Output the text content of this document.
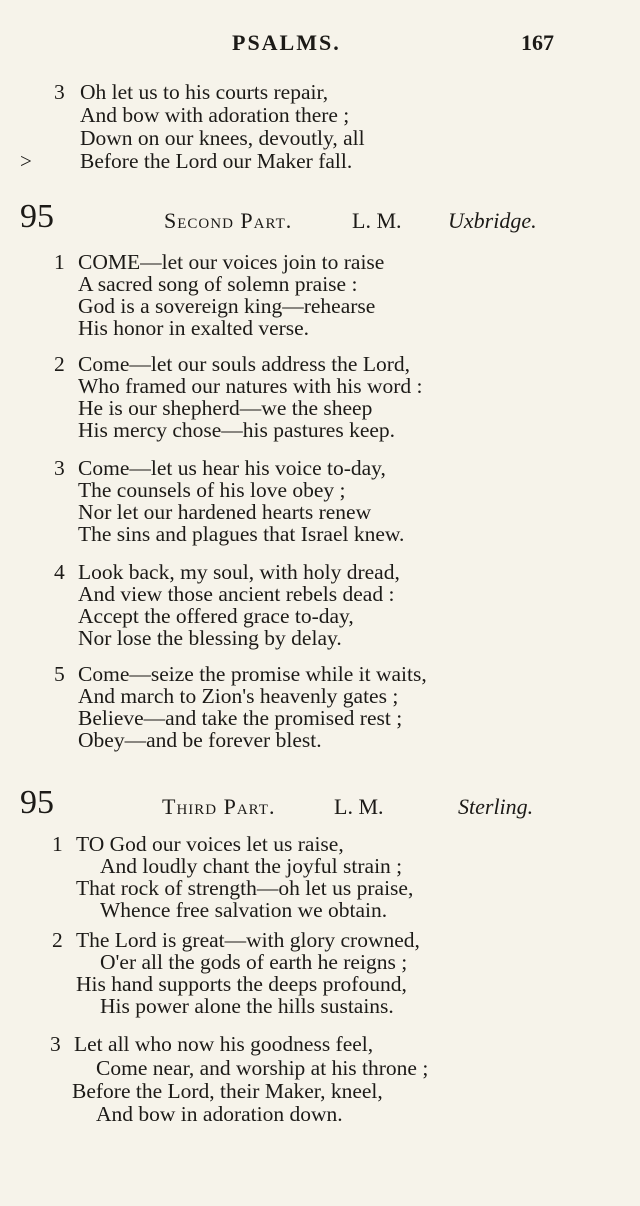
PSALMS.	167
3 Oh let us to his courts repair,
And bow with adoration there ;
Down on our knees, devoutly, all
> Before the Lord our Maker fall.
95	Second Part.	L. M. Uxbridge.
1 COME—let our voices join to raise
A sacred song of solemn praise :
God is a sovereign king—rehearse
His honor in exalted verse.
2 Come—let our souls address the Lord,
Who framed our natures with his word :
He is our shepherd—we the sheep
His mercy chose—his pastures keep.
3 Come—let us hear his voice to-day,
The counsels of his love obey ;
Nor let our hardened hearts renew
The sins and plagues that Israel knew.
4 Look back, my soul, with holy dread,
And view those ancient rebels dead :
Accept the offered grace to-day,
Nor lose the blessing by delay.
5 Come—seize the promise while it waits,
And march to Zion's heavenly gates ;
Believe—and take the promised rest ;
Obey—and be forever blest.
95	Third Part.	L. M.	Sterling.
1 TO God our voices let us raise,
And loudly chant the joyful strain ;
That rock of strength—oh let us praise,
Whence free salvation we obtain.
2 The Lord is great—with glory crowned,
O'er all the gods of earth he reigns ;
His hand supports the deeps profound,
His power alone the hills sustains.
3 Let all who now his goodness feel,
Come near, and worship at his throne ;
Before the Lord, their Maker, kneel,
And bow in adoration down.
